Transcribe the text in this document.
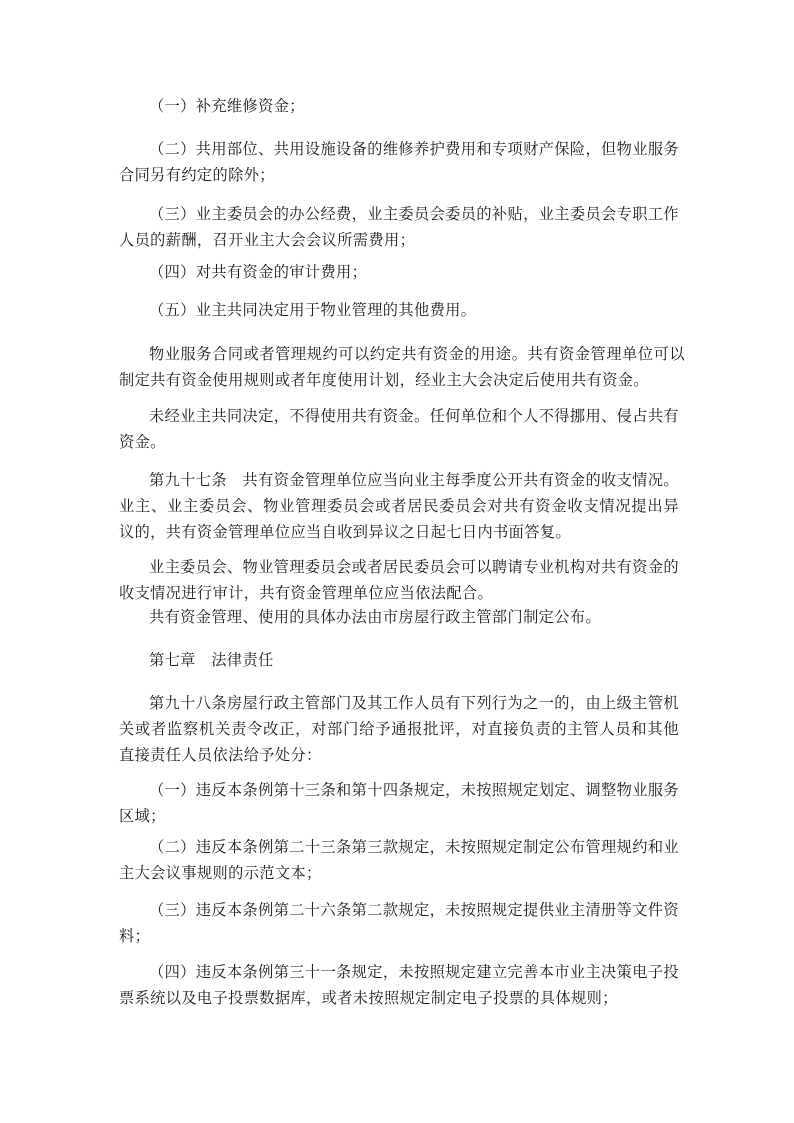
（一）补充维修资金；

（二）共用部位、共用设施设备的维修养护费用和专项财产保险，但物业服务合同另有约定的除外；

（三）业主委员会的办公经费，业主委员会委员的补贴，业主委员会专职工作人员的薪酬，召开业主大会会议所需费用；

（四）对共有资金的审计费用；

（五）业主共同决定用于物业管理的其他费用。

物业服务合同或者管理规约可以约定共有资金的用途。共有资金管理单位可以制定共有资金使用规则或者年度使用计划，经业主大会决定后使用共有资金。

未经业主共同决定，不得使用共有资金。任何单位和个人不得挪用、侵占共有资金。

第九十七条　共有资金管理单位应当向业主每季度公开共有资金的收支情况。业主、业主委员会、物业管理委员会或者居民委员会对共有资金收支情况提出异议的，共有资金管理单位应当自收到异议之日起七日内书面答复。

业主委员会、物业管理委员会或者居民委员会可以聘请专业机构对共有资金的收支情况进行审计，共有资金管理单位应当依法配合。

共有资金管理、使用的具体办法由市房屋行政主管部门制定公布。

第七章　法律责任

第九十八条房屋行政主管部门及其工作人员有下列行为之一的，由上级主管机关或者监察机关责令改正，对部门给予通报批评，对直接负责的主管人员和其他直接责任人员依法给予处分：

（一）违反本条例第十三条和第十四条规定，未按照规定划定、调整物业服务区域；

（二）违反本条例第二十三条第三款规定，未按照规定制定公布管理规约和业主大会议事规则的示范文本；

（三）违反本条例第二十六条第二款规定，未按照规定提供业主清册等文件资料；

（四）违反本条例第三十一条规定，未按照规定建立完善本市业主决策电子投票系统以及电子投票数据库，或者未按照规定制定电子投票的具体规则；
